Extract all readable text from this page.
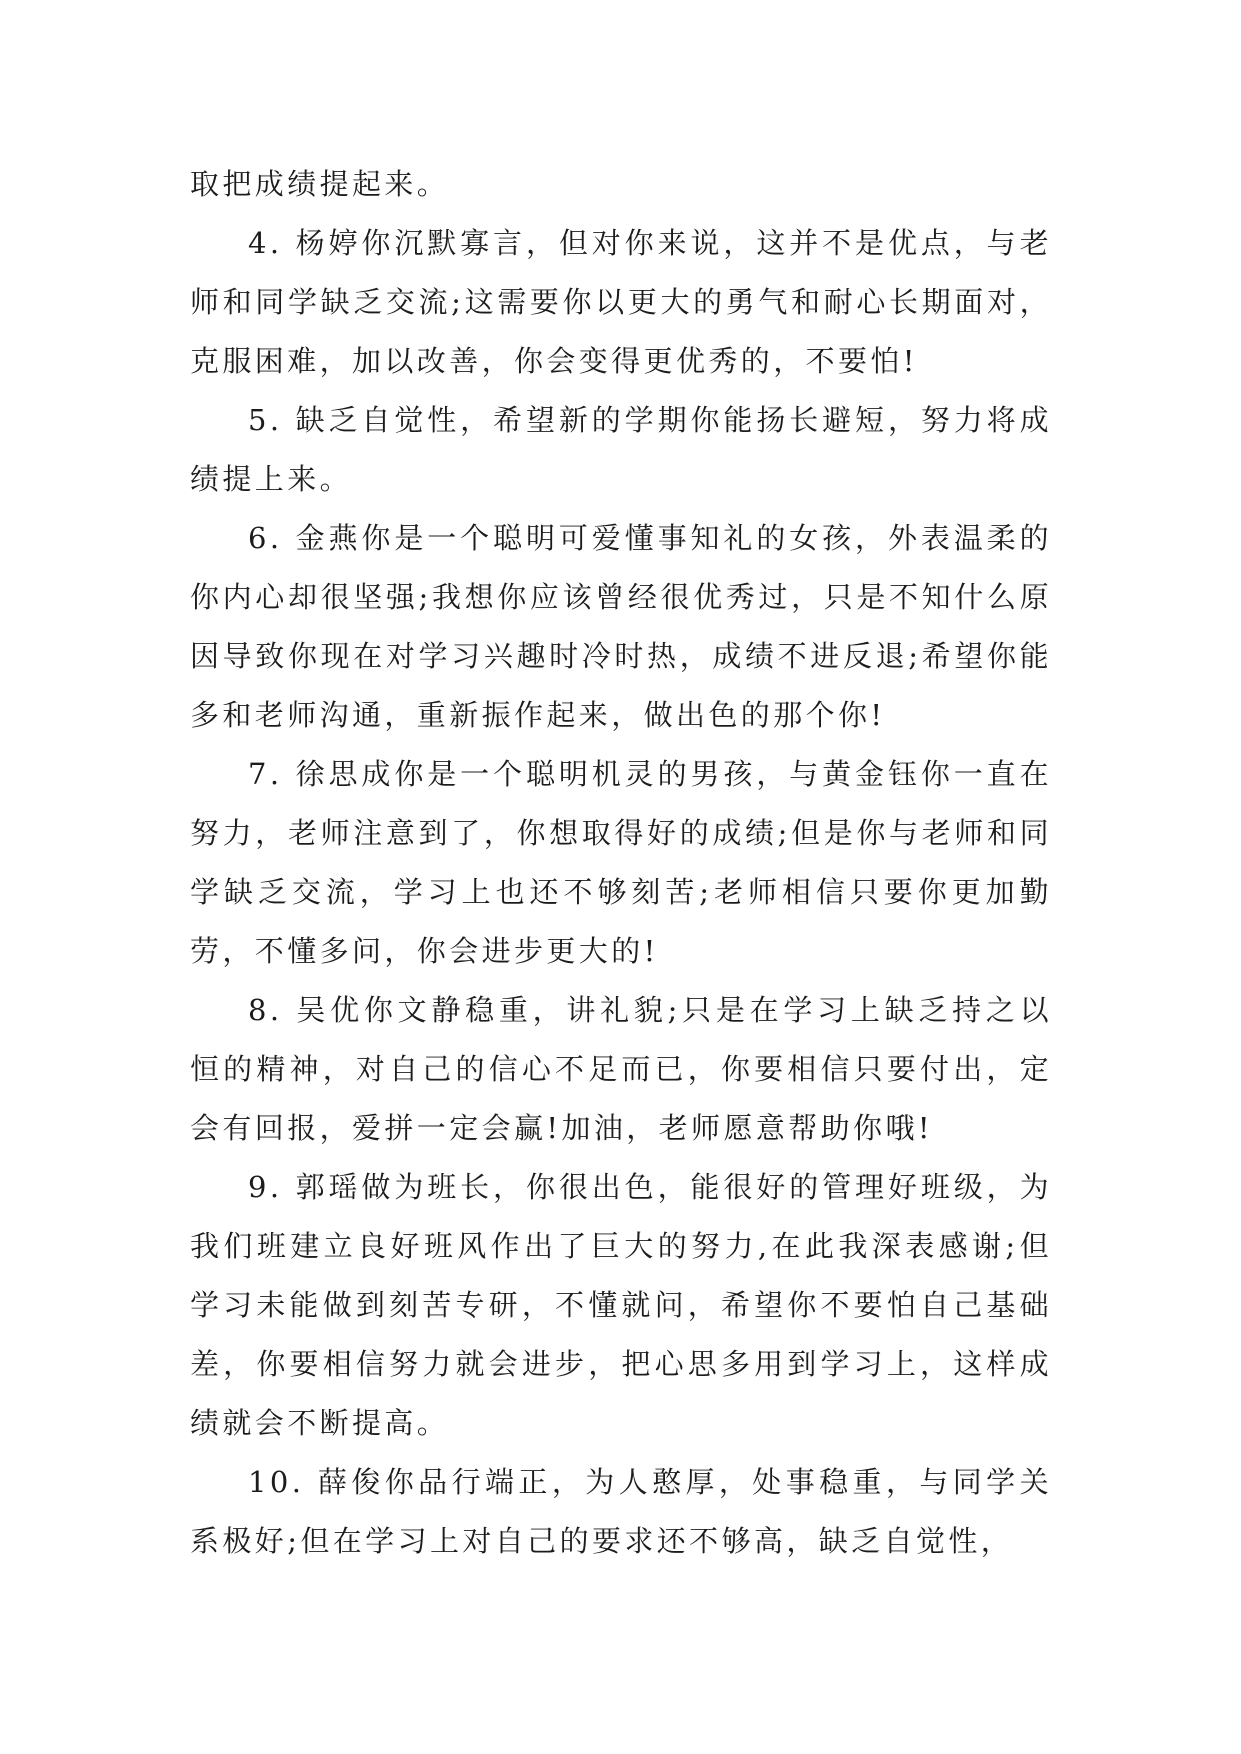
取把成绩提起来。

4. 杨婷你沉默寡言，但对你来说，这并不是优点，与老师和同学缺乏交流;这需要你以更大的勇气和耐心长期面对，克服困难，加以改善，你会变得更优秀的，不要怕!

5. 缺乏自觉性，希望新的学期你能扬长避短，努力将成绩提上来。

6. 金燕你是一个聪明可爱懂事知礼的女孩，外表温柔的你内心却很坚强;我想你应该曾经很优秀过，只是不知什么原因导致你现在对学习兴趣时冷时热，成绩不进反退;希望你能多和老师沟通，重新振作起来，做出色的那个你!

7. 徐思成你是一个聪明机灵的男孩，与黄金钰你一直在努力，老师注意到了，你想取得好的成绩;但是你与老师和同学缺乏交流，学习上也还不够刻苦;老师相信只要你更加勤劳，不懂多问，你会进步更大的!

8. 吴优你文静稳重，讲礼貌;只是在学习上缺乏持之以恒的精神，对自己的信心不足而已，你要相信只要付出，定会有回报，爱拼一定会赢!加油，老师愿意帮助你哦!

9. 郭瑶做为班长，你很出色，能很好的管理好班级，为我们班建立良好班风作出了巨大的努力,在此我深表感谢;但学习未能做到刻苦专研，不懂就问，希望你不要怕自己基础差，你要相信努力就会进步，把心思多用到学习上，这样成绩就会不断提高。

10. 薛俊你品行端正，为人憨厚，处事稳重，与同学关系极好;但在学习上对自己的要求还不够高，缺乏自觉性，
